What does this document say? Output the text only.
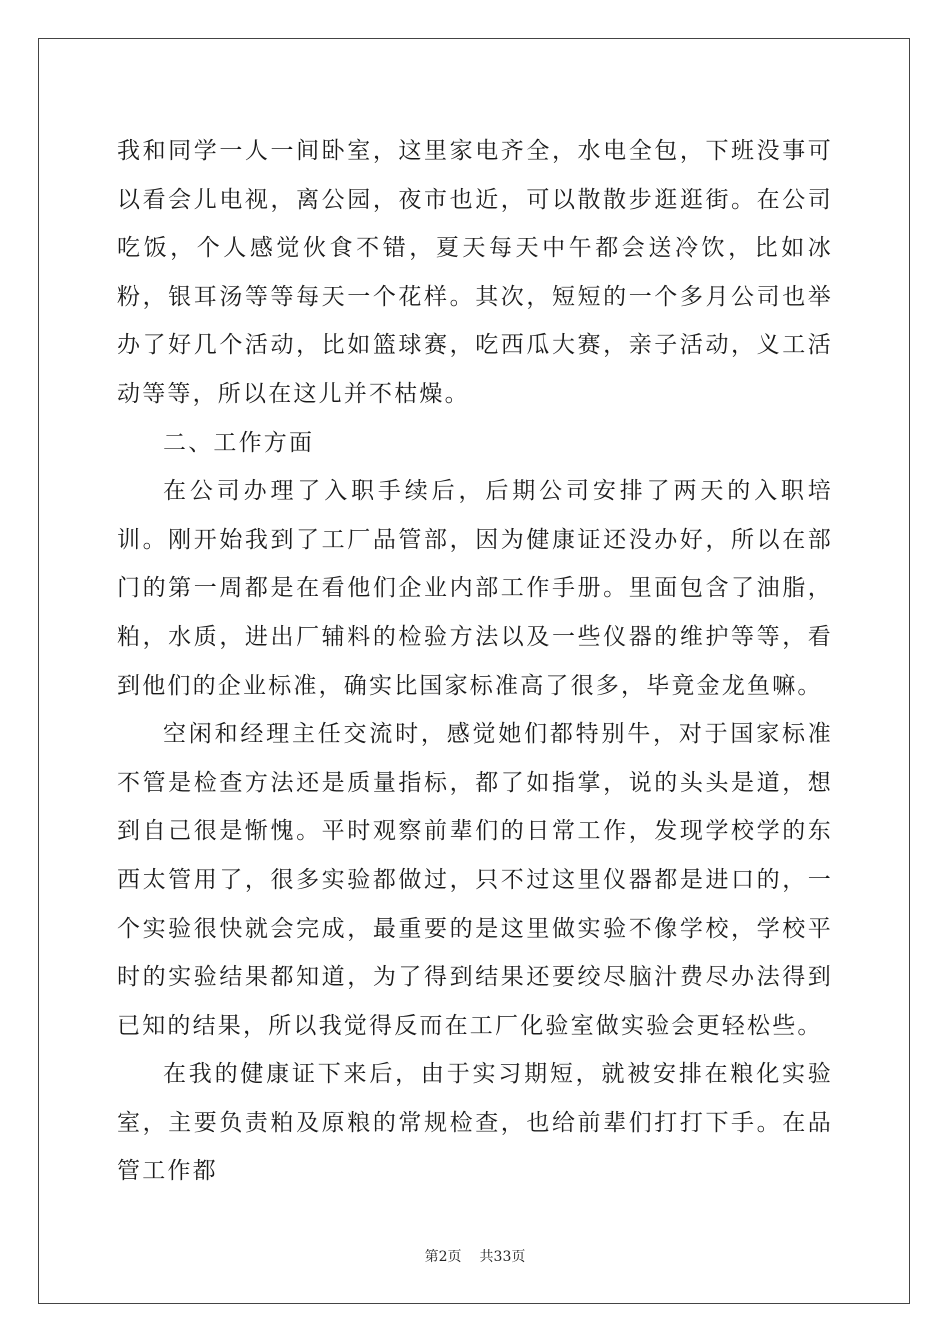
我和同学一人一间卧室，这里家电齐全，水电全包，下班没事可以看会儿电视，离公园，夜市也近，可以散散步逛逛街。在公司吃饭，个人感觉伙食不错，夏天每天中午都会送冷饮，比如冰粉，银耳汤等等每天一个花样。其次，短短的一个多月公司也举办了好几个活动，比如篮球赛，吃西瓜大赛，亲子活动，义工活动等等，所以在这儿并不枯燥。

二、工作方面

在公司办理了入职手续后，后期公司安排了两天的入职培训。刚开始我到了工厂品管部，因为健康证还没办好，所以在部门的第一周都是在看他们企业内部工作手册。里面包含了油脂，粕，水质，进出厂辅料的检验方法以及一些仪器的维护等等，看到他们的企业标准，确实比国家标准高了很多，毕竟金龙鱼嘛。

空闲和经理主任交流时，感觉她们都特别牛，对于国家标准不管是检查方法还是质量指标，都了如指掌，说的头头是道，想到自己很是惭愧。平时观察前辈们的日常工作，发现学校学的东西太管用了，很多实验都做过，只不过这里仪器都是进口的，一个实验很快就会完成，最重要的是这里做实验不像学校，学校平时的实验结果都知道，为了得到结果还要绞尽脑汁费尽办法得到已知的结果，所以我觉得反而在工厂化验室做实验会更轻松些。

在我的健康证下来后，由于实习期短，就被安排在粮化实验室，主要负责粕及原粮的常规检查，也给前辈们打打下手。在品管工作都

第2页 共33页
